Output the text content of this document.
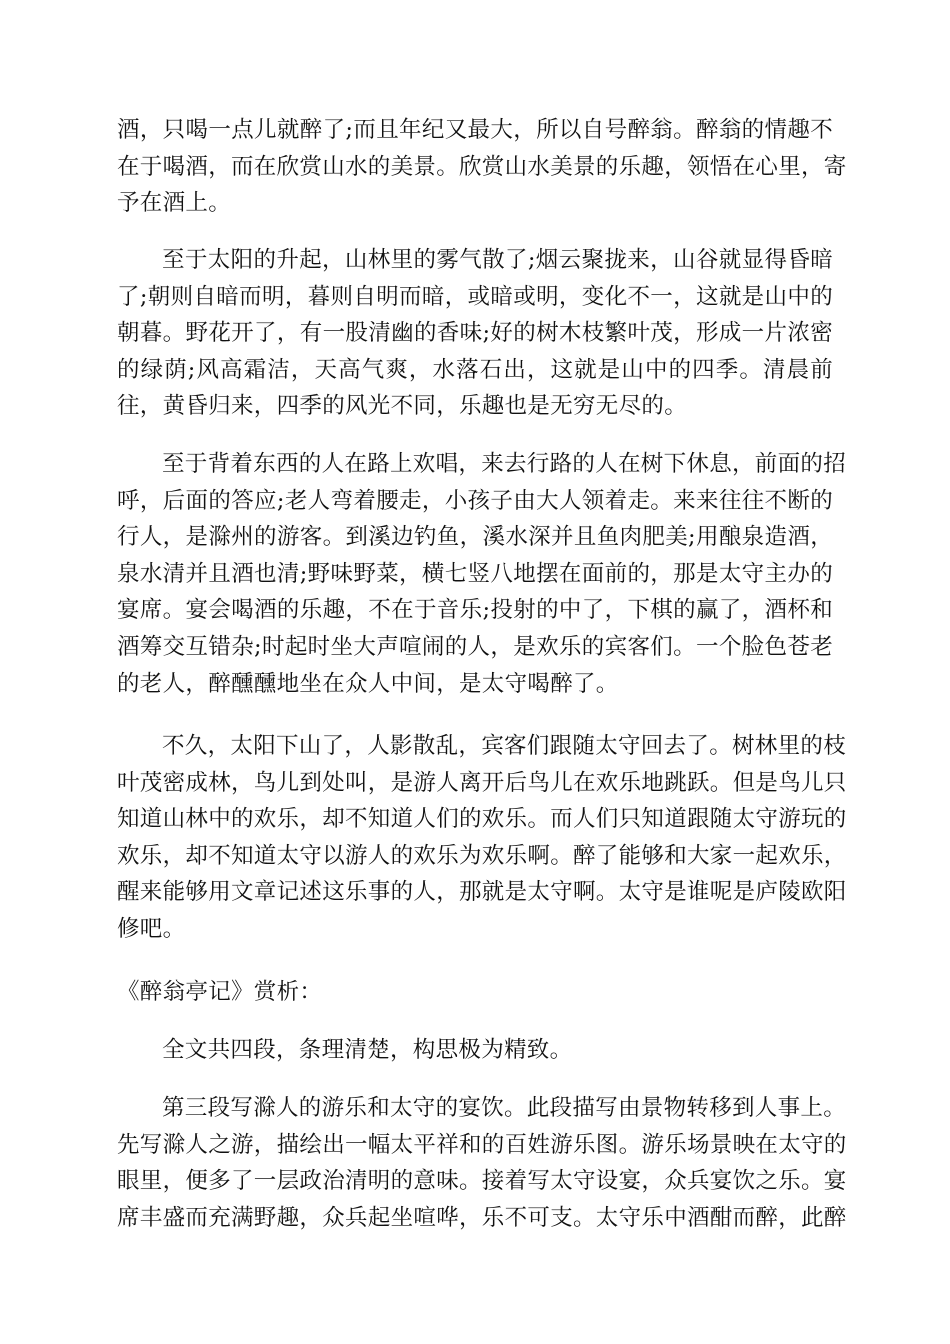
酒，只喝一点儿就醉了;而且年纪又最大，所以自号醉翁。醉翁的情趣不
在于喝酒，而在欣赏山水的美景。欣赏山水美景的乐趣，领悟在心里，寄
予在酒上。
至于太阳的升起，山林里的雾气散了;烟云聚拢来，山谷就显得昏暗
了;朝则自暗而明，暮则自明而暗，或暗或明，变化不一，这就是山中的
朝暮。野花开了，有一股清幽的香味;好的树木枝繁叶茂，形成一片浓密
的绿荫;风高霜洁，天高气爽，水落石出，这就是山中的四季。清晨前
往，黄昏归来，四季的风光不同，乐趣也是无穷无尽的。
至于背着东西的人在路上欢唱，来去行路的人在树下休息，前面的招
呼，后面的答应;老人弯着腰走，小孩子由大人领着走。来来往往不断的
行人，是滁州的游客。到溪边钓鱼，溪水深并且鱼肉肥美;用酿泉造酒，
泉水清并且酒也清;野味野菜，横七竖八地摆在面前的，那是太守主办的
宴席。宴会喝酒的乐趣，不在于音乐;投射的中了，下棋的赢了，酒杯和
酒筹交互错杂;时起时坐大声喧闹的人，是欢乐的宾客们。一个脸色苍老
的老人，醉醺醺地坐在众人中间，是太守喝醉了。
不久，太阳下山了，人影散乱，宾客们跟随太守回去了。树林里的枝
叶茂密成林，鸟儿到处叫，是游人离开后鸟儿在欢乐地跳跃。但是鸟儿只
知道山林中的欢乐，却不知道人们的欢乐。而人们只知道跟随太守游玩的
欢乐，却不知道太守以游人的欢乐为欢乐啊。醉了能够和大家一起欢乐，
醒来能够用文章记述这乐事的人，那就是太守啊。太守是谁呢是庐陵欧阳
修吧。
《醉翁亭记》赏析：
全文共四段，条理清楚，构思极为精致。
第三段写滁人的游乐和太守的宴饮。此段描写由景物转移到人事上。
先写滁人之游，描绘出一幅太平祥和的百姓游乐图。游乐场景映在太守的
眼里，便多了一层政治清明的意味。接着写太守设宴，众兵宴饮之乐。宴
席丰盛而充满野趣，众兵起坐喧哗，乐不可支。太守乐中酒酣而醉，此醉
